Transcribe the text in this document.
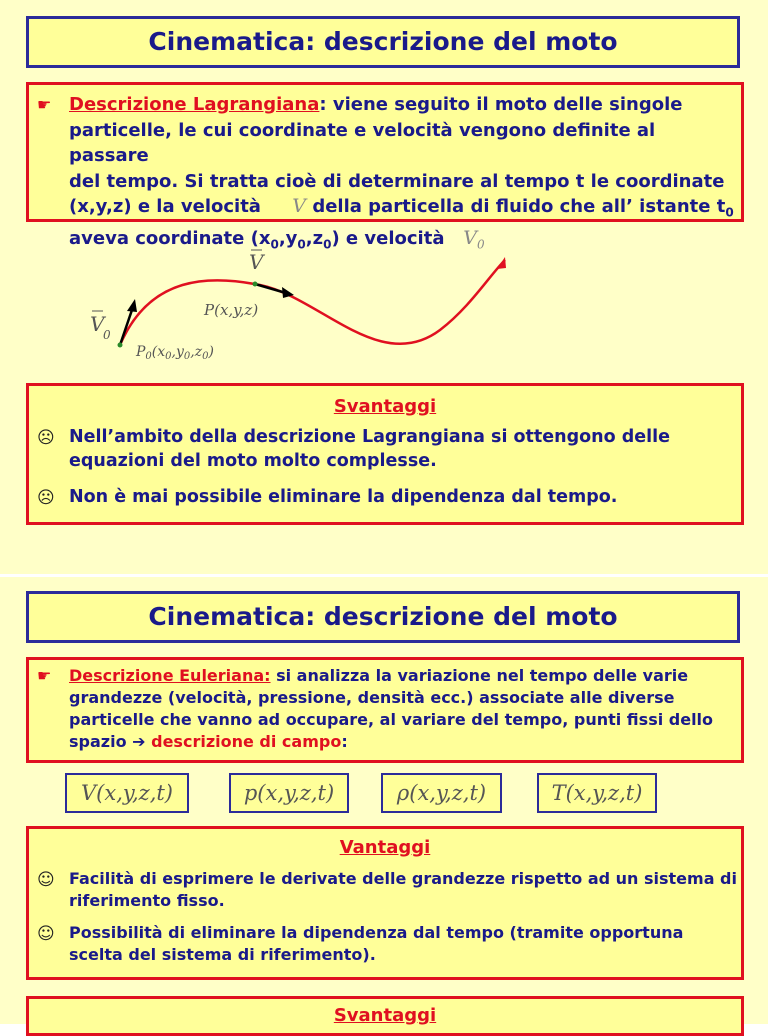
Cinematica: descrizione del moto
☛ Descrizione Lagrangiana: viene seguito il moto delle singole
particelle, le cui coordinate e velocità vengono definite al passare
del tempo. Si tratta cioè di determinare al tempo t le coordinate
(x,y,z) e la velocità V della particella di fluido che all’ istante $t_0$
aveva coordinate $(x_0,y_0,z_0)$ e velocità $V_0$
V
P(x,y,z)
V
0
$P_0(x_0,y_0,z_0)$
Svantaggi
☹ Nell’ambito della descrizione Lagrangiana si ottengono delle equazioni del moto molto complesse.
☹ Non è mai possibile eliminare la dipendenza dal tempo.
Cinematica: descrizione del moto
☛ Descrizione Euleriana: si analizza la variazione nel tempo delle varie grandezze (velocità, pressione, densità ecc.) associate alle diverse particelle che vanno ad occupare, al variare del tempo, punti fissi dello spazio ➔ descrizione di campo:
V(x,y,z,t)	p(x,y,z,t)	ρ(x,y,z,t)	T(x,y,z,t)
Vantaggi
☺ Facilità di esprimere le derivate delle grandezze rispetto ad un sistema di riferimento fisso.
☺ Possibilità di eliminare la dipendenza dal tempo (tramite opportuna scelta del sistema di riferimento).
Svantaggi
